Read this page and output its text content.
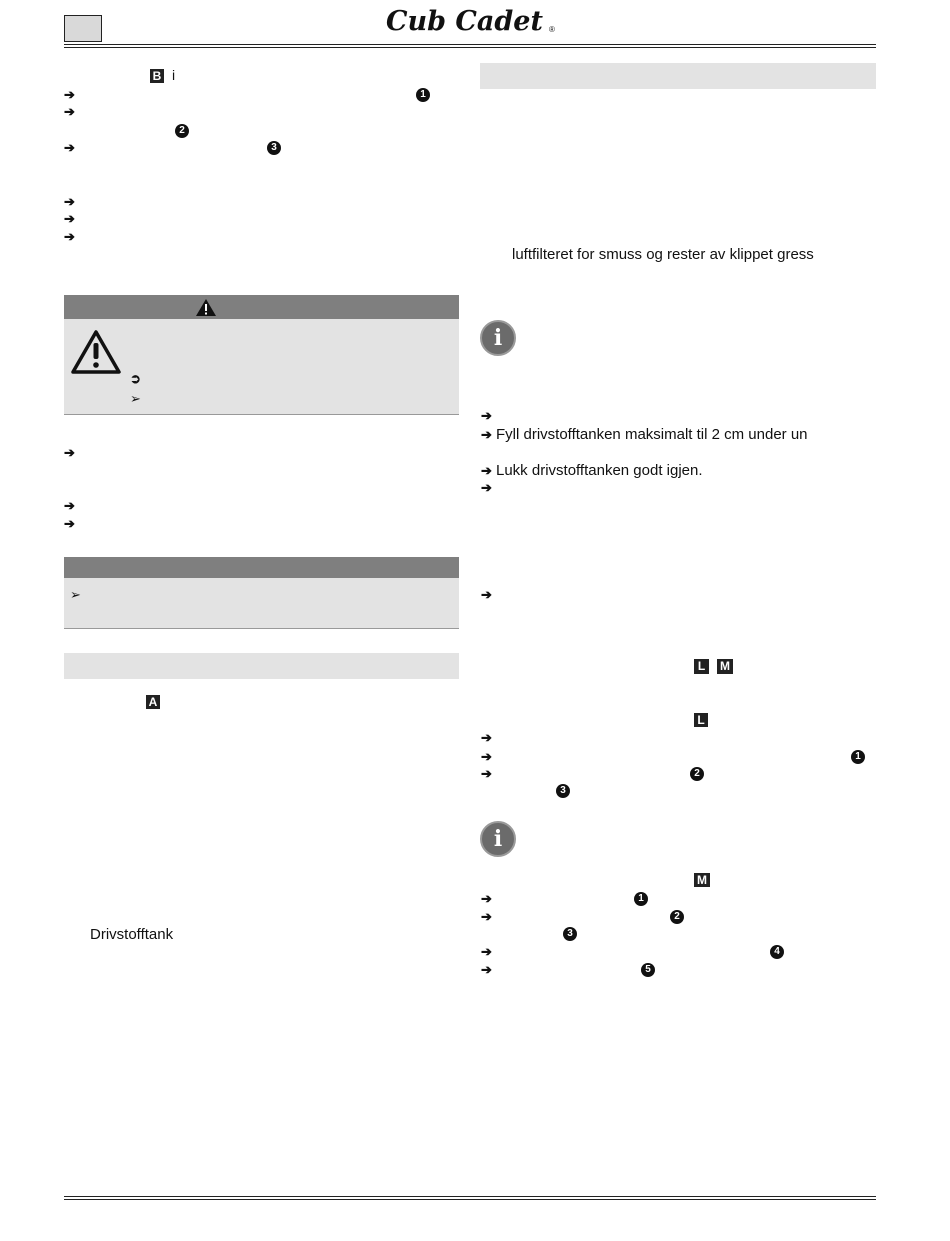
Cub Cadet ®
B i
➔	1
➔
2
➔	3
➔
➔
➔
➲
➢
➔
➔
➔
➢
A
Drivstofftank
luftfilteret for smuss og rester av klippet gress
i
➔
➔ Fyll drivstofftanken maksimalt til 2 cm under un
➔ Lukk drivstofftanken godt igjen.
➔
➔
L	M
L
➔
➔	1
➔	2
3
i
M
➔	1
➔	2
3
➔	4
➔	5
